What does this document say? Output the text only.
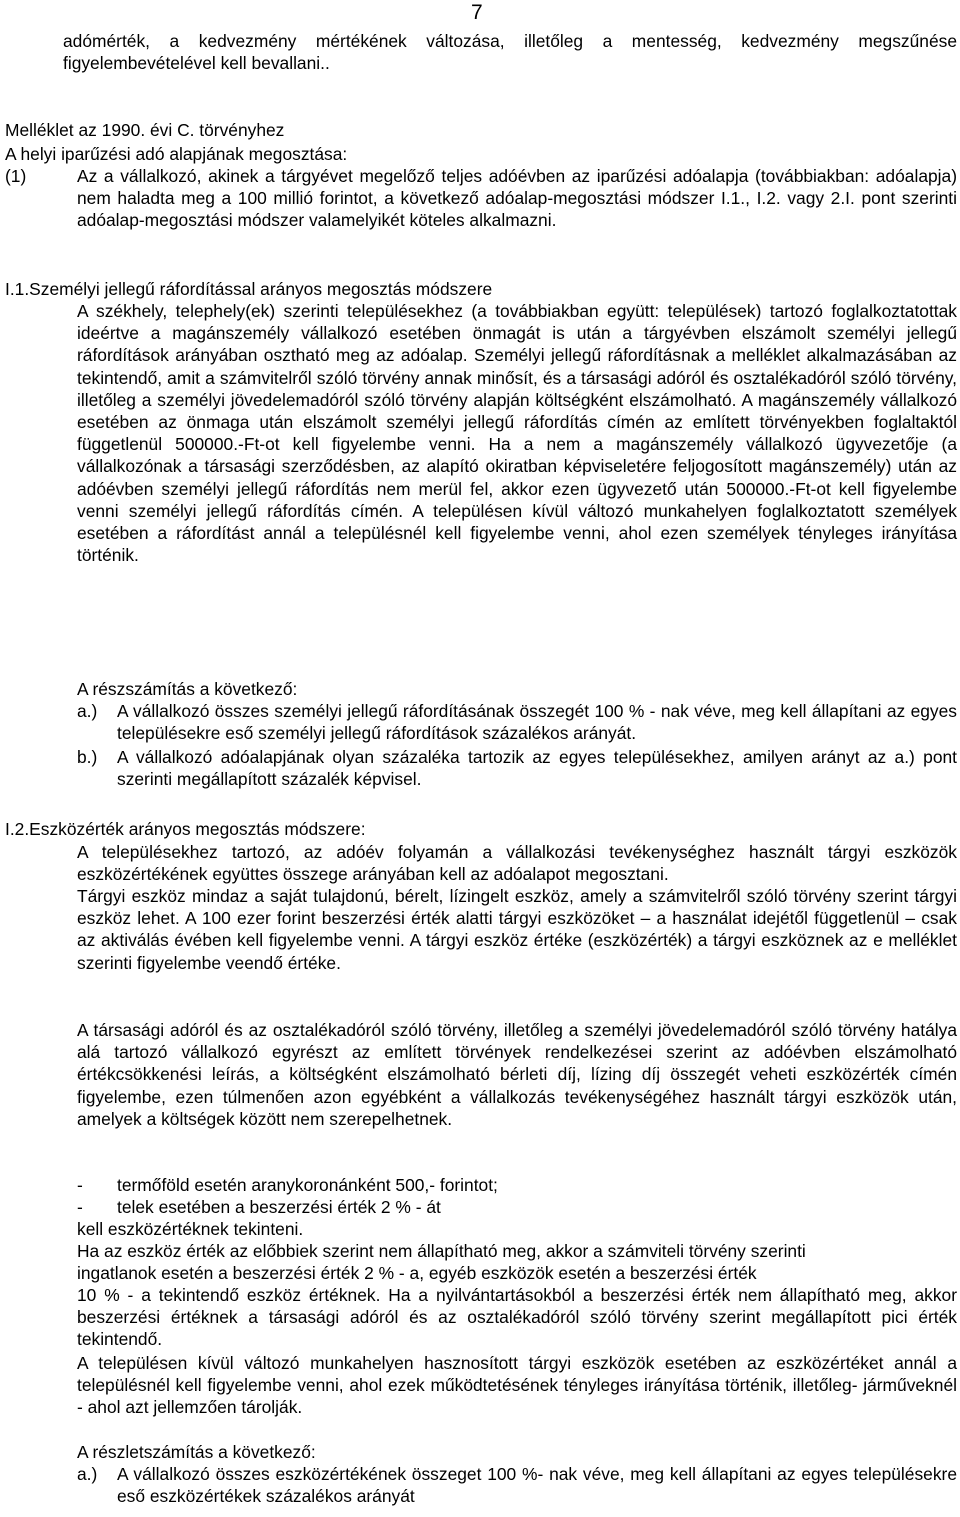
7
adómérték, a kedvezmény mértékének változása, illetőleg a mentesség, kedvezmény megszűnése figyelembevételével kell bevallani..
Melléklet az 1990. évi C. törvényhez
A helyi iparűzési adó alapjának megosztása:
(1)	Az a vállalkozó, akinek a tárgyévet megelőző teljes adóévben az iparűzési adóalapja (továbbiakban: adóalapja) nem haladta meg a 100 millió forintot, a következő adóalap-megosztási módszer I.1., I.2. vagy 2.I. pont szerinti adóalap-megosztási módszer valamelyikét köteles alkalmazni.
I.1.Személyi jellegű ráfordítással arányos megosztás módszere
A székhely, telephely(ek) szerinti településekhez (a továbbiakban együtt: települések) tartozó foglalkoztatottak ideértve a magánszemély vállalkozó esetében önmagát is után a tárgyévben elszámolt személyi jellegű ráfordítások arányában osztható meg az adóalap. Személyi jellegű ráfordításnak a melléklet alkalmazásában az tekintendő, amit a számvitelről szóló törvény annak minősít, és a társasági adóról és osztalékadóról szóló törvény, illetőleg a személyi jövedelemadóról szóló törvény alapján költségként elszámolható. A magánszemély vállalkozó esetében az önmaga után elszámolt személyi jellegű ráfordítás címén az említett törvényekben foglaltaktól függetlenül 500000.-Ft-ot kell figyelembe venni. Ha a nem a magánszemély vállalkozó ügyvezetője (a vállalkozónak a társasági szerződésben, az alapító okiratban képviseletére feljogosított magánszemély) után az adóévben személyi jellegű ráfordítás nem merül fel, akkor ezen ügyvezető után 500000.-Ft-ot kell figyelembe venni személyi jellegű ráfordítás címén. A településen kívül változó munkahelyen foglalkoztatott személyek esetében a ráfordítást annál a településnél kell figyelembe venni, ahol ezen személyek tényleges irányítása történik.
A részszámítás a következő:
a.)	A vállalkozó összes személyi jellegű ráfordításának összegét 100 % - nak véve, meg kell állapítani az egyes településekre eső személyi jellegű ráfordítások százalékos arányát.
b.)	A vállalkozó adóalapjának olyan százaléka tartozik az egyes településekhez, amilyen arányt az a.) pont szerinti megállapított százalék képvisel.
I.2.Eszközérték arányos megosztás módszere:
A településekhez tartozó, az adóév folyamán a vállalkozási tevékenységhez használt tárgyi eszközök eszközértékének együttes összege arányában kell az adóalapot megosztani.
Tárgyi eszköz mindaz a saját tulajdonú, bérelt, lízingelt eszköz, amely a számvitelről szóló törvény szerint tárgyi eszköz lehet. A 100 ezer forint beszerzési érték alatti tárgyi eszközöket – a használat idejétől függetlenül – csak az aktiválás évében kell figyelembe venni. A tárgyi eszköz értéke (eszközérték) a tárgyi eszköznek az e melléklet szerinti figyelembe veendő értéke.
A társasági adóról és az osztalékadóról szóló törvény, illetőleg a személyi jövedelemadóról szóló törvény hatálya alá tartozó vállalkozó egyrészt az említett törvények rendelkezései szerint az adóévben elszámolható értékcsökkenési leírás, a költségként elszámolható bérleti díj, lízing díj összegét veheti eszközérték címén figyelembe, ezen túlmenően azon egyébként a vállalkozás tevékenységéhez használt tárgyi eszközök után, amelyek a költségek között nem szerepelhetnek.
-	termőföld esetén aranykoronánként 500,- forintot;
-	telek esetében a beszerzési érték 2 % - át
kell eszközértéknek tekinteni.
Ha az eszköz érték az előbbiek szerint nem állapítható meg, akkor a számviteli törvény szerinti
ingatlanok esetén a beszerzési érték 2 % - a, egyéb eszközök esetén a beszerzési érték
10 % - a tekintendő eszköz értéknek. Ha a nyilvántartásokból a beszerzési érték nem állapítható meg, akkor beszerzési értéknek a társasági adóról és az osztalékadóról szóló törvény szerint megállapított pici érték tekintendő.
A településen kívül változó munkahelyen hasznosított tárgyi eszközök esetében az eszközértéket annál a településnél kell figyelembe venni, ahol ezek működtetésének tényleges irányítása történik, illetőleg- járműveknél - ahol azt jellemzően tárolják.
A részletszámítás a következő:
a.)	A vállalkozó összes eszközértékének összeget 100 %- nak véve, meg kell állapítani az egyes településekre eső eszközértékek százalékos arányát
